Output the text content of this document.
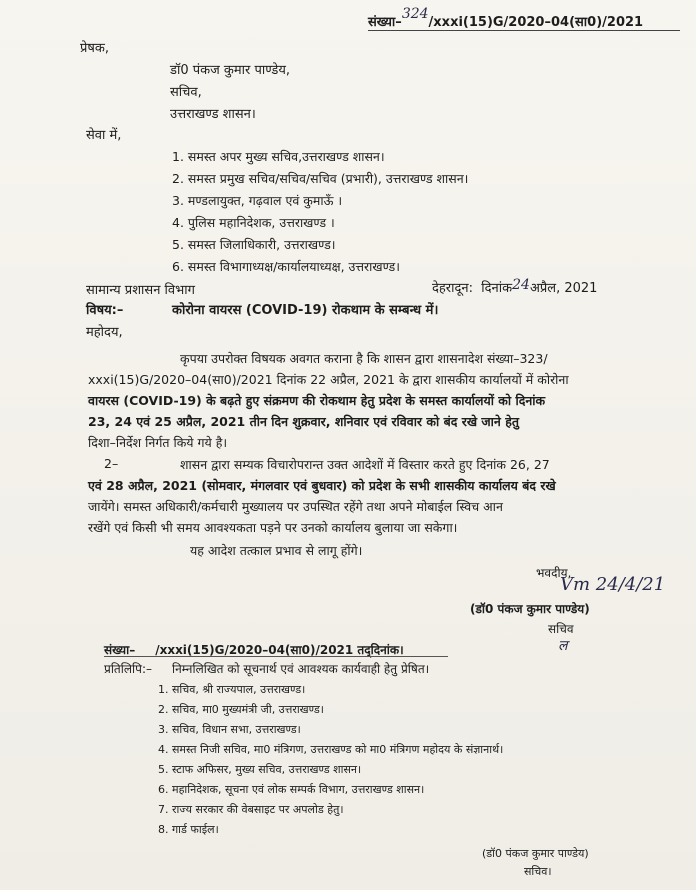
संख्या–324/xxxi(15)G/2020–04(सा0)/2021
प्रेषक,
डॉ0 पंकज कुमार पाण्डेय,
सचिव,
उत्तराखण्ड शासन।
सेवा में,
1. समस्त अपर मुख्य सचिव,उत्तराखण्ड शासन।
2. समस्त प्रमुख सचिव/सचिव/सचिव (प्रभारी), उत्तराखण्ड शासन।
3. मण्डलायुक्त, गढ़वाल एवं कुमाऊँ ।
4. पुलिस महानिदेशक, उत्तराखण्ड ।
5. समस्त जिलाधिकारी, उत्तराखण्ड।
6. समस्त विभागाध्यक्ष/कार्यालयाध्यक्ष, उत्तराखण्ड।
सामान्य प्रशासन विभाग	देहरादून: दिनांक24अप्रैल, 2021
विषय:–	कोरोना वायरस (COVID-19) रोकथाम के सम्बन्ध में।
महोदय,
कृपया उपरोक्त विषयक अवगत कराना है कि शासन द्वारा शासनादेश संख्या–323/
xxxi(15)G/2020–04(सा0)/2021 दिनांक 22 अप्रैल, 2021 के द्वारा शासकीय कार्यालयों में कोरोना
वायरस (COVID-19) के बढ़ते हुए संक्रमण की रोकथाम हेतु प्रदेश के समस्त कार्यालयों को दिनांक
23, 24 एवं 25 अप्रैल, 2021 तीन दिन शुक्रवार, शनिवार एवं रविवार को बंद रखे जाने हेतु
दिशा–निर्देश निर्गत किये गये है।
2–	शासन द्वारा सम्यक विचारोपरान्त उक्त आदेशों में विस्तार करते हुए दिनांक 26, 27
एवं 28 अप्रैल, 2021 (सोमवार, मंगलवार एवं बुधवार) को प्रदेश के सभी शासकीय कार्यालय बंद रखे
जायेंगे। समस्त अधिकारी/कर्मचारी मुख्यालय पर उपस्थित रहेंगे तथा अपने मोबाईल स्विच आन
रखेंगे एवं किसी भी समय आवश्यकता पड़ने पर उनको कार्यालय बुलाया जा सकेगा।
यह आदेश तत्काल प्रभाव से लागू होंगे।
भवदीय,
Vm 24/4/21
(डॉ0 पंकज कुमार पाण्डेय)
सचिव
ल
संख्या– /xxxi(15)G/2020–04(सा0)/2021 तद्‌दिनांक।
प्रतिलिपि:– निम्नलिखित को सूचनार्थ एवं आवश्यक कार्यवाही हेतु प्रेषित।
1. सचिव, श्री राज्यपाल, उत्तराखण्ड।
2. सचिव, मा0 मुख्यमंत्री जी, उत्तराखण्ड।
3. सचिव, विधान सभा, उत्तराखण्ड।
4. समस्त निजी सचिव, मा0 मंत्रिगण, उत्तराखण्ड को मा0 मंत्रिगण महोदय के संज्ञानार्थ।
5. स्टाफ अफिसर, मुख्य सचिव, उत्तराखण्ड शासन।
6. महानिदेशक, सूचना एवं लोक सम्पर्क विभाग, उत्तराखण्ड शासन।
7. राज्य सरकार की वेबसाइट पर अपलोड हेतु।
8. गार्ड फाईल।
(डॉ0 पंकज कुमार पाण्डेय)
सचिव।
